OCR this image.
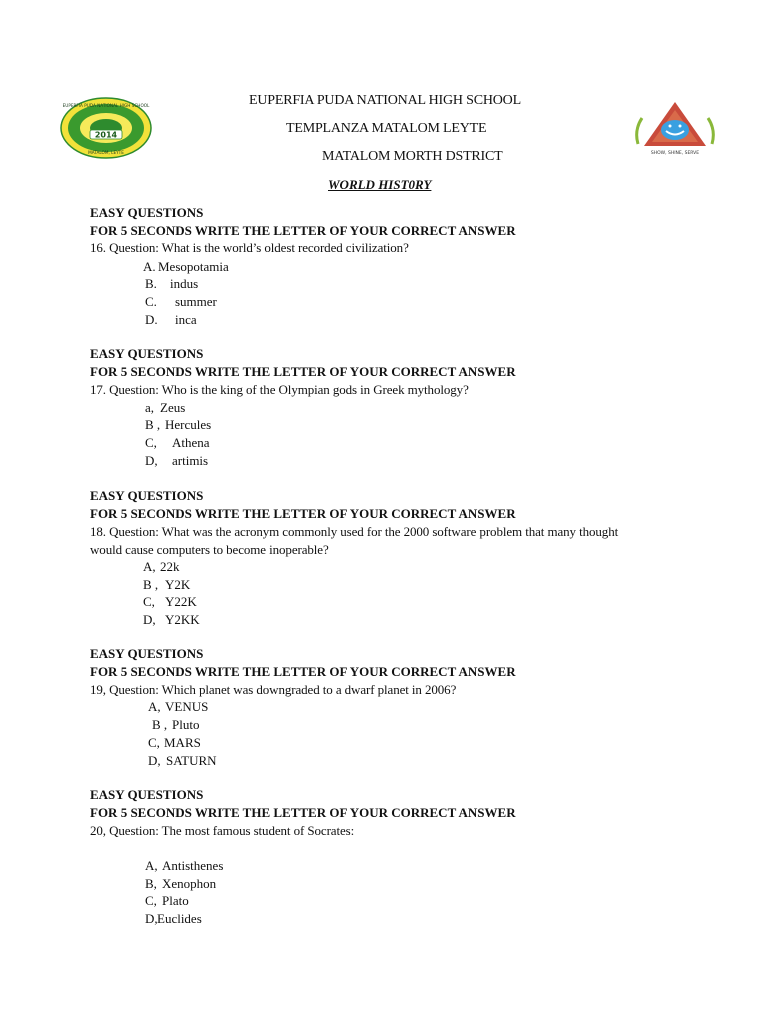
2014
EUPERFIA PUDA NATIONAL HIGH SCHOOL
MATALOM, LEYTE	SHOW, SHINE, SERVE
EUPERFIA PUDA NATIONAL HIGH SCHOOL
TEMPLANZA MATALOM LEYTE
MATALOM MORTH DSTRICT
WORLD HIST0RY
EASY QUESTIONS
FOR 5 SECONDS WRITE THE LETTER OF YOUR CORRECT ANSWER
16. Question: What is the world’s oldest recorded civilization?
A. Mesopotamia
B. indus
C. summer
D. inca
EASY QUESTIONS
FOR 5 SECONDS WRITE THE LETTER OF YOUR CORRECT ANSWER
17. Question: Who is the king of the Olympian gods in Greek mythology?
a, Zeus
B , Hercules
C, Athena
D, artimis
EASY QUESTIONS
FOR 5 SECONDS WRITE THE LETTER OF YOUR CORRECT ANSWER
18. Question: What was the acronym commonly used for the 2000 software problem that many thought
would cause computers to become inoperable?
A, 22k
B , Y2K
C, Y22K
D, Y2KK
EASY QUESTIONS
FOR 5 SECONDS WRITE THE LETTER OF YOUR CORRECT ANSWER
19, Question: Which planet was downgraded to a dwarf planet in 2006?
A, VENUS
B , Pluto
C, MARS
D, SATURN
EASY QUESTIONS
FOR 5 SECONDS WRITE THE LETTER OF YOUR CORRECT ANSWER
20, Question: The most famous student of Socrates:
A, Antisthenes
B, Xenophon
C, Plato
D, Euclides
